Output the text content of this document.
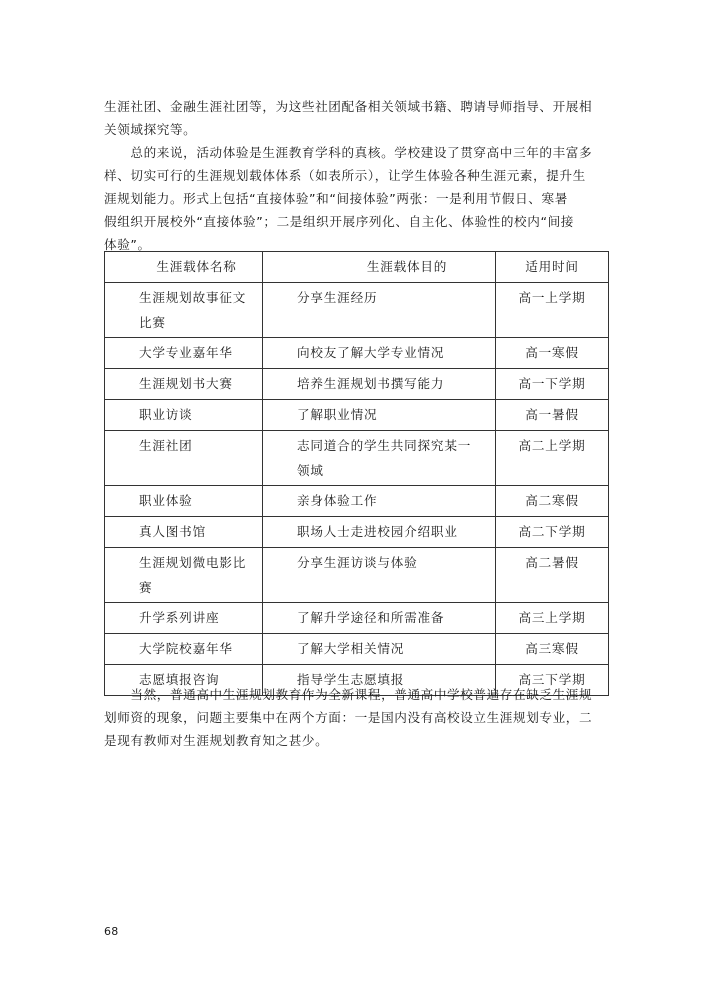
生涯社团、金融生涯社团等，为这些社团配备相关领域书籍、聘请导师指导、开展相
关领域探究等。

　　总的来说，活动体验是生涯教育学科的真核。学校建设了贯穿高中三年的丰富多
样、切实可行的生涯规划载体体系（如表所示），让学生体验各种生涯元素，提升生
涯规划能力。形式上包括“直接体验”和“间接体验”两张：一是利用节假日、寒暑
假组织开展校外“直接体验”；二是组织开展序列化、自主化、体验性的校内“间接
体验”。

生涯载体名称	生涯载体目的	适用时间
生涯规划故事征文比赛	分享生涯经历	高一上学期
大学专业嘉年华	向校友了解大学专业情况	高一寒假
生涯规划书大赛	培养生涯规划书撰写能力	高一下学期
职业访谈	了解职业情况	高一暑假
生涯社团	志同道合的学生共同探究某一领域	高二上学期
职业体验	亲身体验工作	高二寒假
真人图书馆	职场人士走进校园介绍职业	高二下学期
生涯规划微电影比赛	分享生涯访谈与体验	高二暑假
升学系列讲座	了解升学途径和所需准备	高三上学期
大学院校嘉年华	了解大学相关情况	高三寒假
志愿填报咨询	指导学生志愿填报	高三下学期

　　当然，普通高中生涯规划教育作为全新课程，普通高中学校普遍存在缺乏生涯规
划师资的现象，问题主要集中在两个方面：一是国内没有高校设立生涯规划专业，二
是现有教师对生涯规划教育知之甚少。

68
